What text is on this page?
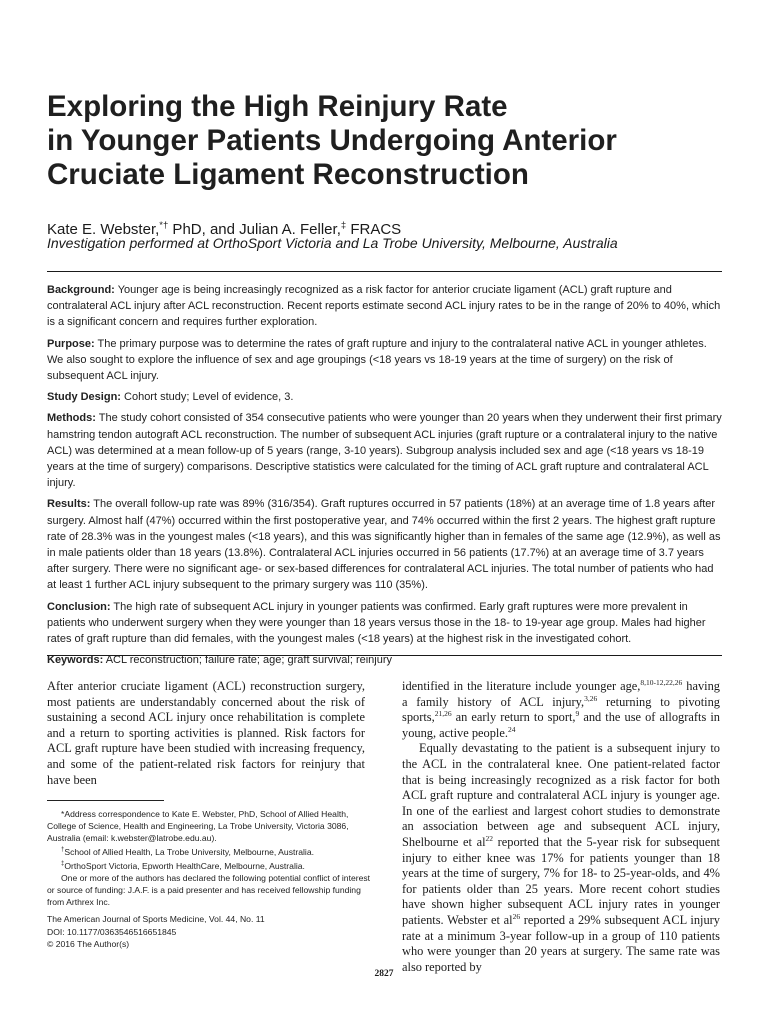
Exploring the High Reinjury Rate
in Younger Patients Undergoing Anterior
Cruciate Ligament Reconstruction
Kate E. Webster,*† PhD, and Julian A. Feller,‡ FRACS
Investigation performed at OrthoSport Victoria and La Trobe University, Melbourne, Australia

Background: Younger age is being increasingly recognized as a risk factor for anterior cruciate ligament (ACL) graft rupture and contralateral ACL injury after ACL reconstruction. Recent reports estimate second ACL injury rates to be in the range of 20% to 40%, which is a significant concern and requires further exploration.

Purpose: The primary purpose was to determine the rates of graft rupture and injury to the contralateral native ACL in younger athletes. We also sought to explore the influence of sex and age groupings (<18 years vs 18-19 years at the time of surgery) on the risk of subsequent ACL injury.

Study Design: Cohort study; Level of evidence, 3.

Methods: The study cohort consisted of 354 consecutive patients who were younger than 20 years when they underwent their first primary hamstring tendon autograft ACL reconstruction. The number of subsequent ACL injuries (graft rupture or a contralateral injury to the native ACL) was determined at a mean follow-up of 5 years (range, 3-10 years). Subgroup analysis included sex and age (<18 years vs 18-19 years at the time of surgery) comparisons. Descriptive statistics were calculated for the timing of ACL graft rupture and contralateral ACL injury.

Results: The overall follow-up rate was 89% (316/354). Graft ruptures occurred in 57 patients (18%) at an average time of 1.8 years after surgery. Almost half (47%) occurred within the first postoperative year, and 74% occurred within the first 2 years. The highest graft rupture rate of 28.3% was in the youngest males (<18 years), and this was significantly higher than in females of the same age (12.9%), as well as in male patients older than 18 years (13.8%). Contralateral ACL injuries occurred in 56 patients (17.7%) at an average time of 3.7 years after surgery. There were no significant age- or sex-based differences for contralateral ACL injuries. The total number of patients who had at least 1 further ACL injury subsequent to the primary surgery was 110 (35%).

Conclusion: The high rate of subsequent ACL injury in younger patients was confirmed. Early graft ruptures were more prevalent in patients who underwent surgery when they were younger than 18 years versus those in the 18- to 19-year age group. Males had higher rates of graft rupture than did females, with the youngest males (<18 years) at the highest risk in the investigated cohort.

Keywords: ACL reconstruction; failure rate; age; graft survival; reinjury

After anterior cruciate ligament (ACL) reconstruction surgery, most patients are understandably concerned about the risk of sustaining a second ACL injury once rehabilitation is complete and a return to sporting activities is planned. Risk factors for ACL graft rupture have been studied with increasing frequency, and some of the patient-related risk factors for reinjury that have been

identified in the literature include younger age,$^{8,10-12,22,26}$ having a family history of ACL injury,$^{3,26}$ returning to pivoting sports,$^{21,26}$ an early return to sport,$^9$ and the use of allografts in young, active people.$^{24}$

Equally devastating to the patient is a subsequent injury to the ACL in the contralateral knee. One patient-related factor that is being increasingly recognized as a risk factor for both ACL graft rupture and contralateral ACL injury is younger age. In one of the earliest and largest cohort studies to demonstrate an association between age and subsequent ACL injury, Shelbourne et $al^{22}$ reported that the 5-year risk for subsequent injury to either knee was 17% for patients younger than 18 years at the time of surgery, 7% for 18- to 25-year-olds, and 4% for patients older than 25 years. More recent cohort studies have shown higher subsequent ACL injury rates in younger patients. Webster et $al^{26}$ reported a 29% subsequent ACL injury rate at a minimum 3-year follow-up in a group of 110 patients who were younger than 20 years at surgery. The same rate was also reported by

*Address correspondence to Kate E. Webster, PhD, School of Allied Health, College of Science, Health and Engineering, La Trobe University, Victoria 3086, Australia (email: k.webster@latrobe.edu.au).

†School of Allied Health, La Trobe University, Melbourne, Australia.

‡OrthoSport Victoria, Epworth HealthCare, Melbourne, Australia.

One or more of the authors has declared the following potential conflict of interest or source of funding: J.A.F. is a paid presenter and has received fellowship funding from Arthrex Inc.

The American Journal of Sports Medicine, Vol. 44, No. 11
DOI: 10.1177/0363546516651845
© 2016 The Author(s)
2827
